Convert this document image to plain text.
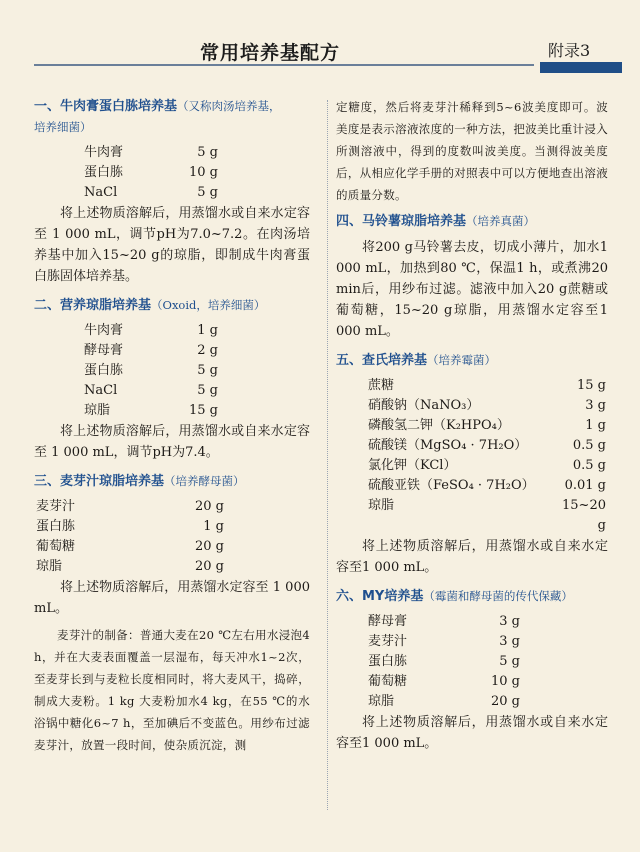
常用培养基配方	附录3
一、牛肉膏蛋白胨培养基（又称肉汤培养基，
培养细菌）
牛肉膏	5 g
蛋白胨	10 g
NaCl	5 g

将上述物质溶解后，用蒸馏水或自来水定容至 1 000 mL，调节pH为7.0~7.2。在肉汤培养基中加入15~20 g的琼脂，即制成牛肉膏蛋白胨固体培养基。

二、营养琼脂培养基（Oxoid，培养细菌）
牛肉膏	1 g
酵母膏	2 g
蛋白胨	5 g
NaCl	5 g
琼脂	15 g

将上述物质溶解后，用蒸馏水或自来水定容至 1 000 mL，调节pH为7.4。

三、麦芽汁琼脂培养基（培养酵母菌）
麦芽汁	20 g
蛋白胨	1 g
葡萄糖	20 g
琼脂	20 g

将上述物质溶解后，用蒸馏水定容至 1 000 mL。

麦芽汁的制备：普通大麦在20 ℃左右用水浸泡4 h，并在大麦表面覆盖一层湿布，每天冲水1~2次，至麦芽长到与麦粒长度相同时，将大麦风干，捣碎，制成大麦粉。1 kg 大麦粉加水4 kg，在55 ℃的水浴锅中糖化6~7 h，至加碘后不变蓝色。用纱布过滤麦芽汁，放置一段时间，使杂质沉淀，测

定糖度，然后将麦芽汁稀释到5~6波美度即可。波美度是表示溶液浓度的一种方法，把波美比重计浸入所测溶液中，得到的度数叫波美度。当测得波美度后，从相应化学手册的对照表中可以方便地查出溶液的质量分数。

四、马铃薯琼脂培养基（培养真菌）

将200 g马铃薯去皮，切成小薄片，加水1 000 mL，加热到80 ℃，保温1 h，或煮沸20 min后，用纱布过滤。滤液中加入20 g蔗糖或葡萄糖，15~20 g琼脂，用蒸馏水定容至1 000 mL。

五、查氏培养基（培养霉菌）
蔗糖	15 g
硝酸钠（NaNO₃）	3 g
磷酸氢二钾（K₂HPO₄）	1 g
硫酸镁（MgSO₄ · 7H₂O）	0.5 g
氯化钾（KCl）	0.5 g
硫酸亚铁（FeSO₄ · 7H₂O）	0.01 g
琼脂	15~20 g

将上述物质溶解后，用蒸馏水或自来水定容至1 000 mL。

六、MY培养基（霉菌和酵母菌的传代保藏）
酵母膏	3 g
麦芽汁	3 g
蛋白胨	5 g
葡萄糖	10 g
琼脂	20 g

将上述物质溶解后，用蒸馏水或自来水定容至1 000 mL。
